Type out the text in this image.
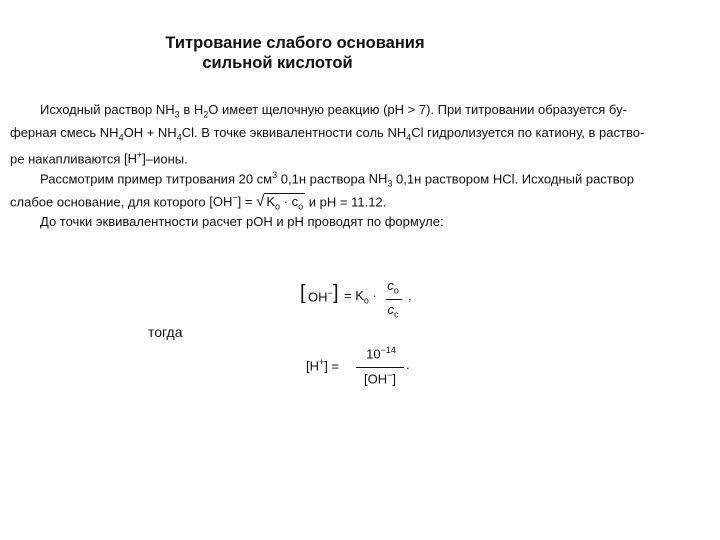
Титрование слабого основания
сильной кислотой
Исходный раствор $NH_3$ в $H_2O$ имеет щелочную реакцию (pH > 7). При титровании образуется бу-
ферная смесь $NH_4OH + NH_4Cl$. В точке эквивалентности соль $NH_4Cl$ гидролизуется по катиону, в раство-
ре накапливаются [H+]–ионы.
Рассмотрим пример титрования 20 $см^3$ 0,1н раствора $NH_3$ 0,1н раствором HCl. Исходный раствор
слабое основание, для которого [OH−] = √ $K_o \cdot c_o$ и pH = 11.12.
До точки эквивалентности расчет pOH и pH проводят по формуле:
[ OH− ] = $K_o$ ·
$c_o$
$c_c$
,
тогда
[H+] =
$10^{-14}$
[OH−]
.
